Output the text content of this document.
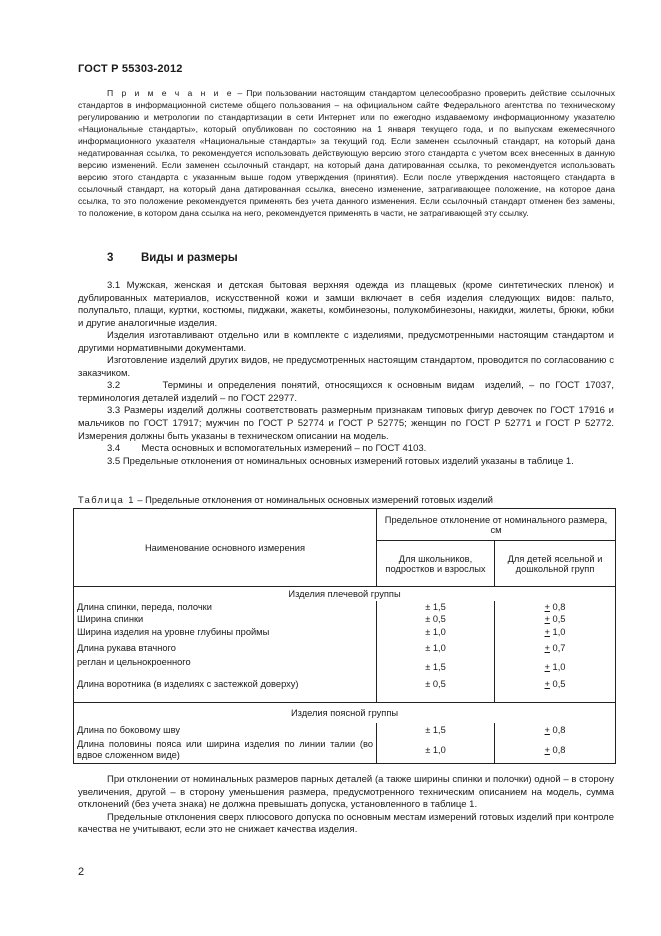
ГОСТ Р 55303-2012

П р и м е ч а н и е – При пользовании настоящим стандартом целесообразно проверить действие ссылочных стандартов в информационной системе общего пользования – на официальном сайте Федерального агентства по техническому регулированию и метрологии по стандартизации в сети Интернет или по ежегодно издаваемому информационному указателю «Национальные стандарты», который опубликован по состоянию на 1 января текущего года, и по выпускам ежемесячного информационного указателя «Национальные стандарты» за текущий год. Если заменен ссылочный стандарт, на который дана недатированная ссылка, то рекомендуется использовать действующую версию этого стандарта с учетом всех внесенных в данную версию изменений. Если заменен ссылочный стандарт, на который дана датированная ссылка, то рекомендуется использовать версию этого стандарта с указанным выше годом утверждения (принятия). Если после утверждения настоящего стандарта в ссылочный стандарт, на который дана датированная ссылка, внесено изменение, затрагивающее положение, на которое дана ссылка, то это положение рекомендуется применять без учета данного изменения. Если ссылочный стандарт отменен без замены, то положение, в котором дана ссылка на него, рекомендуется применять в части, не затрагивающей эту ссылку.

3 Виды и размеры

3.1 Мужская, женская и детская бытовая верхняя одежда из плащевых (кроме синтетических пленок) и дублированных материалов, искусственной кожи и замши включает в себя изделия следующих видов: пальто, полупальто, плащи, куртки, костюмы, пиджаки, жакеты, комбинезоны, полукомбинезоны, накидки, жилеты, брюки, юбки и другие аналогичные изделия.

Изделия изготавливают отдельно или в комплекте с изделиями, предусмотренными настоящим стандартом и другими нормативными документами.

Изготовление изделий других видов, не предусмотренных настоящим стандартом, проводится по согласованию с заказчиком.

3.2        Термины и определения понятий, относящихся к основным видам  изделий, – по ГОСТ 17037, терминология деталей изделий – по ГОСТ 22977.

3.3 Размеры изделий должны соответствовать размерным признакам типовых фигур девочек по ГОСТ 17916 и мальчиков по ГОСТ 17917; мужчин по ГОСТ Р 52774 и ГОСТ Р 52775; женщин по ГОСТ Р 52771 и ГОСТ Р 52772. Измерения должны быть указаны в техническом описании на модель.

3.4        Места основных и вспомогательных измерений – по ГОСТ 4103.

3.5 Предельные отклонения от номинальных основных измерений готовых изделий указаны в таблице 1.

Таблица 1 – Предельные отклонения от номинальных основных измерений готовых изделий
Наименование основного измерения	Предельное отклонение от номинального размера, см	
	Для школьников, подростков и взрослых	Для детей ясельной и дошкольной групп
Изделия плечевой группы		
Длина спинки, переда, полочки	± 1,5	+ 0,8
Ширина спинки	± 0,5	+ 0,5
Ширина изделия на уровне глубины проймы	± 1,0	+ 1,0
Длина рукава втачного	± 1,0	+ 0,7
реглан и цельнокроенного	± 1,5	+ 1,0
Длина воротника (в изделиях с застежкой доверху)	± 0,5	+ 0,5
Изделия поясной группы		
Длина по боковому шву	± 1,5	+ 0,8
Длина половины пояса или ширина изделия по линии талии (во вдвое сложенном виде)	± 1,0	+ 0,8

При отклонении от номинальных размеров парных деталей (а также ширины спинки и полочки) одной – в сторону увеличения, другой – в сторону уменьшения размера, предусмотренного техническим описанием на модель, сумма отклонений (без учета знака) не должна превышать допуска, установленного в таблице 1.

Предельные отклонения сверх плюсового допуска по основным местам измерений готовых изделий при контроле качества не учитывают, если это не снижает качества изделия.

2
